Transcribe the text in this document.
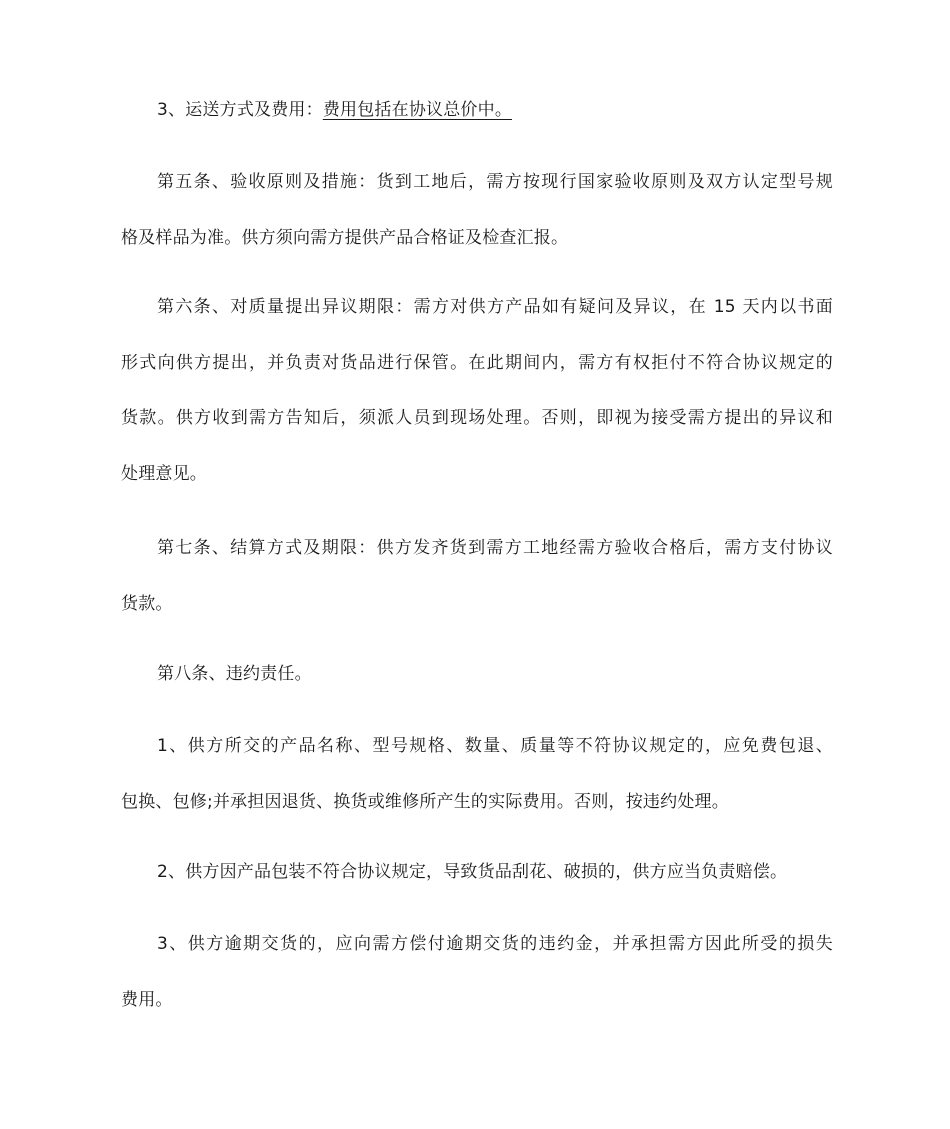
3、运送方式及费用：费用包括在协议总价中。
第五条、验收原则及措施：货到工地后，需方按现行国家验收原则及双方认定型号规
格及样品为准。供方须向需方提供产品合格证及检查汇报。
第六条、对质量提出异议期限：需方对供方产品如有疑问及异议，在 15 天内以书面
形式向供方提出，并负责对货品进行保管。在此期间内，需方有权拒付不符合协议规定的
货款。供方收到需方告知后，须派人员到现场处理。否则，即视为接受需方提出的异议和
处理意见。
第七条、结算方式及期限：供方发齐货到需方工地经需方验收合格后，需方支付协议
货款。
第八条、违约责任。
1、供方所交的产品名称、型号规格、数量、质量等不符协议规定的，应免费包退、
包换、包修;并承担因退货、换货或维修所产生的实际费用。否则，按违约处理。
2、供方因产品包装不符合协议规定，导致货品刮花、破损的，供方应当负责赔偿。
3、供方逾期交货的，应向需方偿付逾期交货的违约金，并承担需方因此所受的损失
费用。
